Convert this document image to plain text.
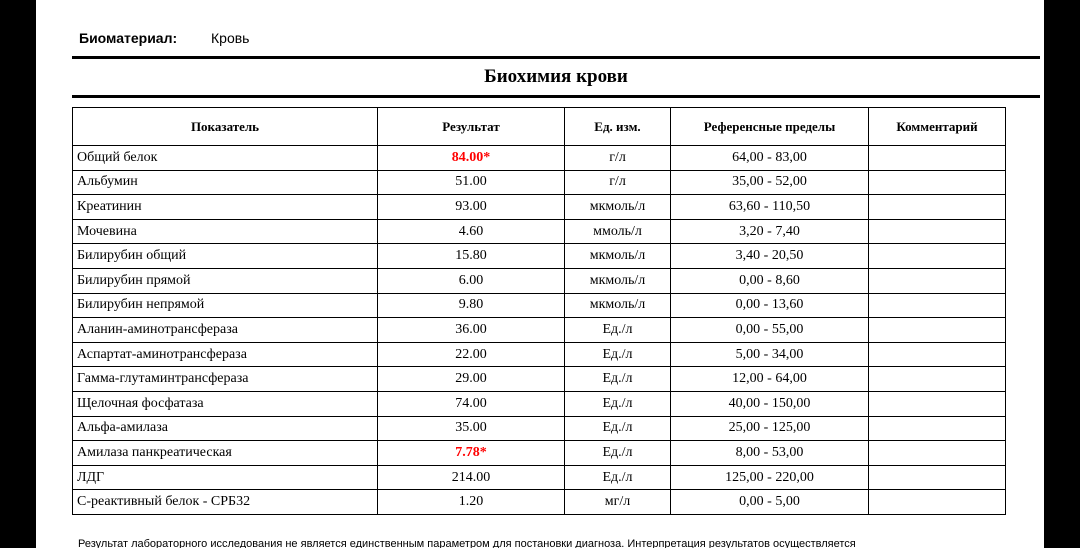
Биоматериал: Кровь
Биохимия крови
Показатель	Результат	Ед. изм.	Референсные пределы	Комментарий
Общий белок	84.00*	г/л	64,00 - 83,00	
Альбумин	51.00	г/л	35,00 - 52,00	
Креатинин	93.00	мкмоль/л	63,60 - 110,50	
Мочевина	4.60	ммоль/л	3,20 - 7,40	
Билирубин общий	15.80	мкмоль/л	3,40 - 20,50	
Билирубин прямой	6.00	мкмоль/л	0,00 - 8,60	
Билирубин непрямой	9.80	мкмоль/л	0,00 - 13,60	
Аланин-аминотрансфераза	36.00	Ед./л	0,00 - 55,00	
Аспартат-аминотрансфераза	22.00	Ед./л	5,00 - 34,00	
Гамма-глутаминтрансфераза	29.00	Ед./л	12,00 - 64,00	
Щелочная фосфатаза	74.00	Ед./л	40,00 - 150,00	
Альфа-амилаза	35.00	Ед./л	25,00 - 125,00	
Амилаза панкреатическая	7.78*	Ед./л	8,00 - 53,00	
ЛДГ	214.00	Ед./л	125,00 - 220,00	
С-реактивный белок - СРБ32	1.20	мг/л	0,00 - 5,00	
Результат лабораторного исследования не является единственным параметром для постановки диагноза. Интерпретация результатов осуществляется
